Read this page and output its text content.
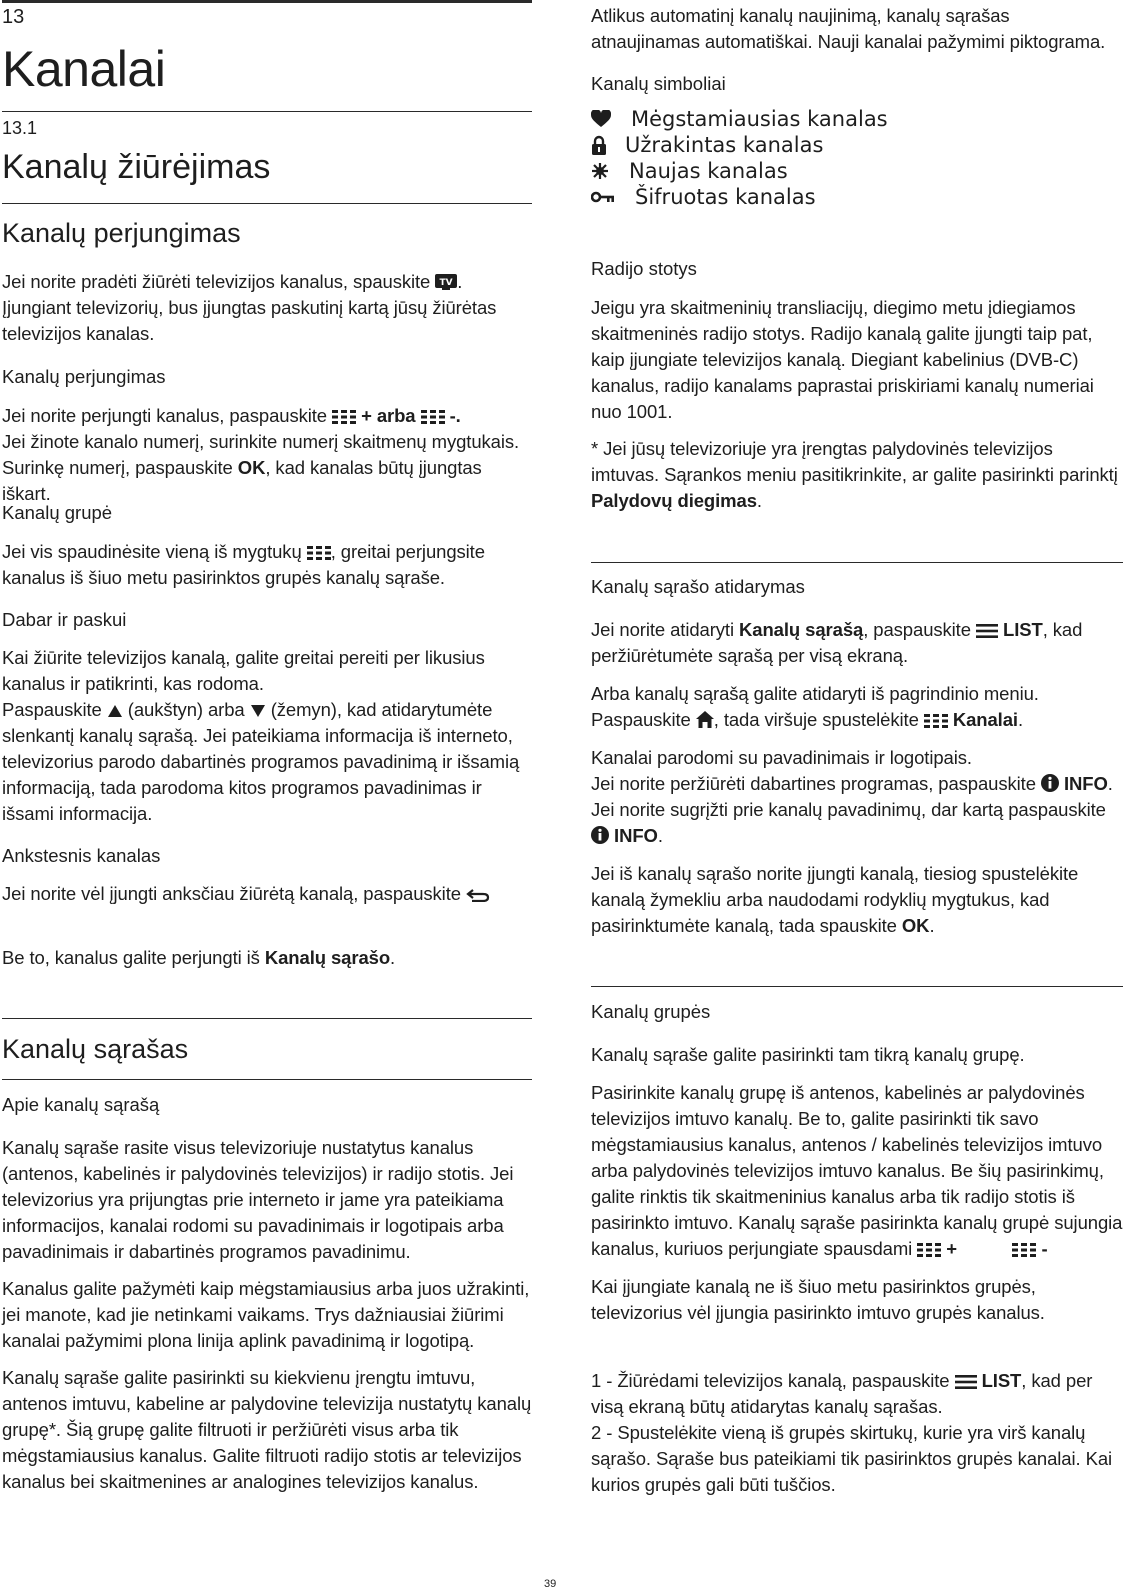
13

Kanalai

13.1

Kanalų žiūrėjimas
Kanalų perjungimas

Jei norite pradėti žiūrėti televizijos kanalus, spauskite TV . Įjungiant televizorių, bus įjungtas paskutinį kartą jūsų žiūrėtas televizijos kanalas.

Kanalų perjungimas

Jei norite perjungti kanalus, paspauskite  + arba  -.
Jei žinote kanalo numerį, surinkite numerį skaitmenų mygtukais.
Surinkę numerį, paspauskite OK, kad kanalas būtų įjungtas iškart.

Kanalų grupė

Jei vis spaudinėsite vieną iš mygtukų , greitai perjungsite kanalus iš šiuo metu pasirinktos grupės kanalų sąraše.

Dabar ir paskui

Kai žiūrite televizijos kanalą, galite greitai pereiti per likusius kanalus ir patikrinti, kas rodoma.
Paspauskite  (aukštyn) arba  (žemyn), kad atidarytumėte slenkantį kanalų sąrašą. Jei pateikiama informacija iš interneto, televizorius parodo dabartinės programos pavadinimą ir išsamią informaciją, tada parodoma kitos programos pavadinimas ir išsami informacija.

Ankstesnis kanalas

Jei norite vėl įjungti anksčiau žiūrėtą kanalą, paspauskite

Be to, kanalus galite perjungti iš Kanalų sąrašo.

Kanalų sąrašas
Apie kanalų sąrašą

Kanalų sąraše rasite visus televizoriuje nustatytus kanalus (antenos, kabelinės ir palydovinės televizijos) ir radijo stotis. Jei televizorius yra prijungtas prie interneto ir jame yra pateikiama informacijos, kanalai rodomi su pavadinimais ir logotipais arba pavadinimais ir dabartinės programos pavadinimu.

Kanalus galite pažymėti kaip mėgstamiausius arba juos užrakinti, jei manote, kad jie netinkami vaikams. Trys dažniausiai žiūrimi kanalai pažymimi plona linija aplink pavadinimą ir logotipą.

Kanalų sąraše galite pasirinkti su kiekvienu įrengtu imtuvu, antenos imtuvu, kabeline ar palydovine televizija nustatytų kanalų grupę*. Šią grupę galite filtruoti ir peržiūrėti visus arba tik mėgstamiausius kanalus. Galite filtruoti radijo stotis ar televizijos kanalus bei skaitmenines ar analogines televizijos kanalus.

Atlikus automatinį kanalų naujinimą, kanalų sąrašas atnaujinamas automatiškai. Nauji kanalai pažymimi piktograma.

Kanalų simboliai
Mėgstamiausias kanalas
Užrakintas kanalas
Naujas kanalas
Šifruotas kanalas
Radijo stotys

Jeigu yra skaitmeninių transliacijų, diegimo metu įdiegiamos skaitmeninės radijo stotys. Radijo kanalą galite įjungti taip pat, kaip įjungiate televizijos kanalą. Diegiant kabelinius (DVB-C) kanalus, radijo kanalams paprastai priskiriami kanalų numeriai nuo 1001.

* Jei jūsų televizoriuje yra įrengtas palydovinės televizijos imtuvas. Sąrankos meniu pasitikrinkite, ar galite pasirinkti parinktį Palydovų diegimas.

Kanalų sąrašo atidarymas

Jei norite atidaryti Kanalų sąrašą, paspauskite  LIST, kad peržiūrėtumėte sąrašą per visą ekraną.

Arba kanalų sąrašą galite atidaryti iš pagrindinio meniu.
Paspauskite , tada viršuje spustelėkite  Kanalai.

Kanalai parodomi su pavadinimais ir logotipais.
Jei norite peržiūrėti dabartines programas, paspauskite  INFO.
Jei norite sugrįžti prie kanalų pavadinimų, dar kartą paspauskite
INFO.

Jei iš kanalų sąrašo norite įjungti kanalą, tiesiog spustelėkite kanalą žymekliu arba naudodami rodyklių mygtukus, kad pasirinktumėte kanalą, tada spauskite OK.

Kanalų grupės

Kanalų sąraše galite pasirinkti tam tikrą kanalų grupę.

Pasirinkite kanalų grupę iš antenos, kabelinės ar palydovinės televizijos imtuvo kanalų. Be to, galite pasirinkti tik savo mėgstamiausius kanalus, antenos / kabelinės televizijos imtuvo arba palydovinės televizijos imtuvo kanalus. Be šių pasirinkimų, galite rinktis tik skaitmeninius kanalus arba tik radijo stotis iš pasirinkto imtuvo. Kanalų sąraše pasirinkta kanalų grupė sujungia kanalus, kuriuos perjungiate spausdami  +	-

Kai įjungiate kanalą ne iš šiuo metu pasirinktos grupės, televizorius vėl įjungia pasirinkto imtuvo grupės kanalus.

1 - Žiūrėdami televizijos kanalą, paspauskite  LIST, kad per visą ekraną būtų atidarytas kanalų sąrašas.
2 - Spustelėkite vieną iš grupės skirtukų, kurie yra virš kanalų sąrašo. Sąraše bus pateikiami tik pasirinktos grupės kanalai. Kai kurios grupės gali būti tuščios.

39
